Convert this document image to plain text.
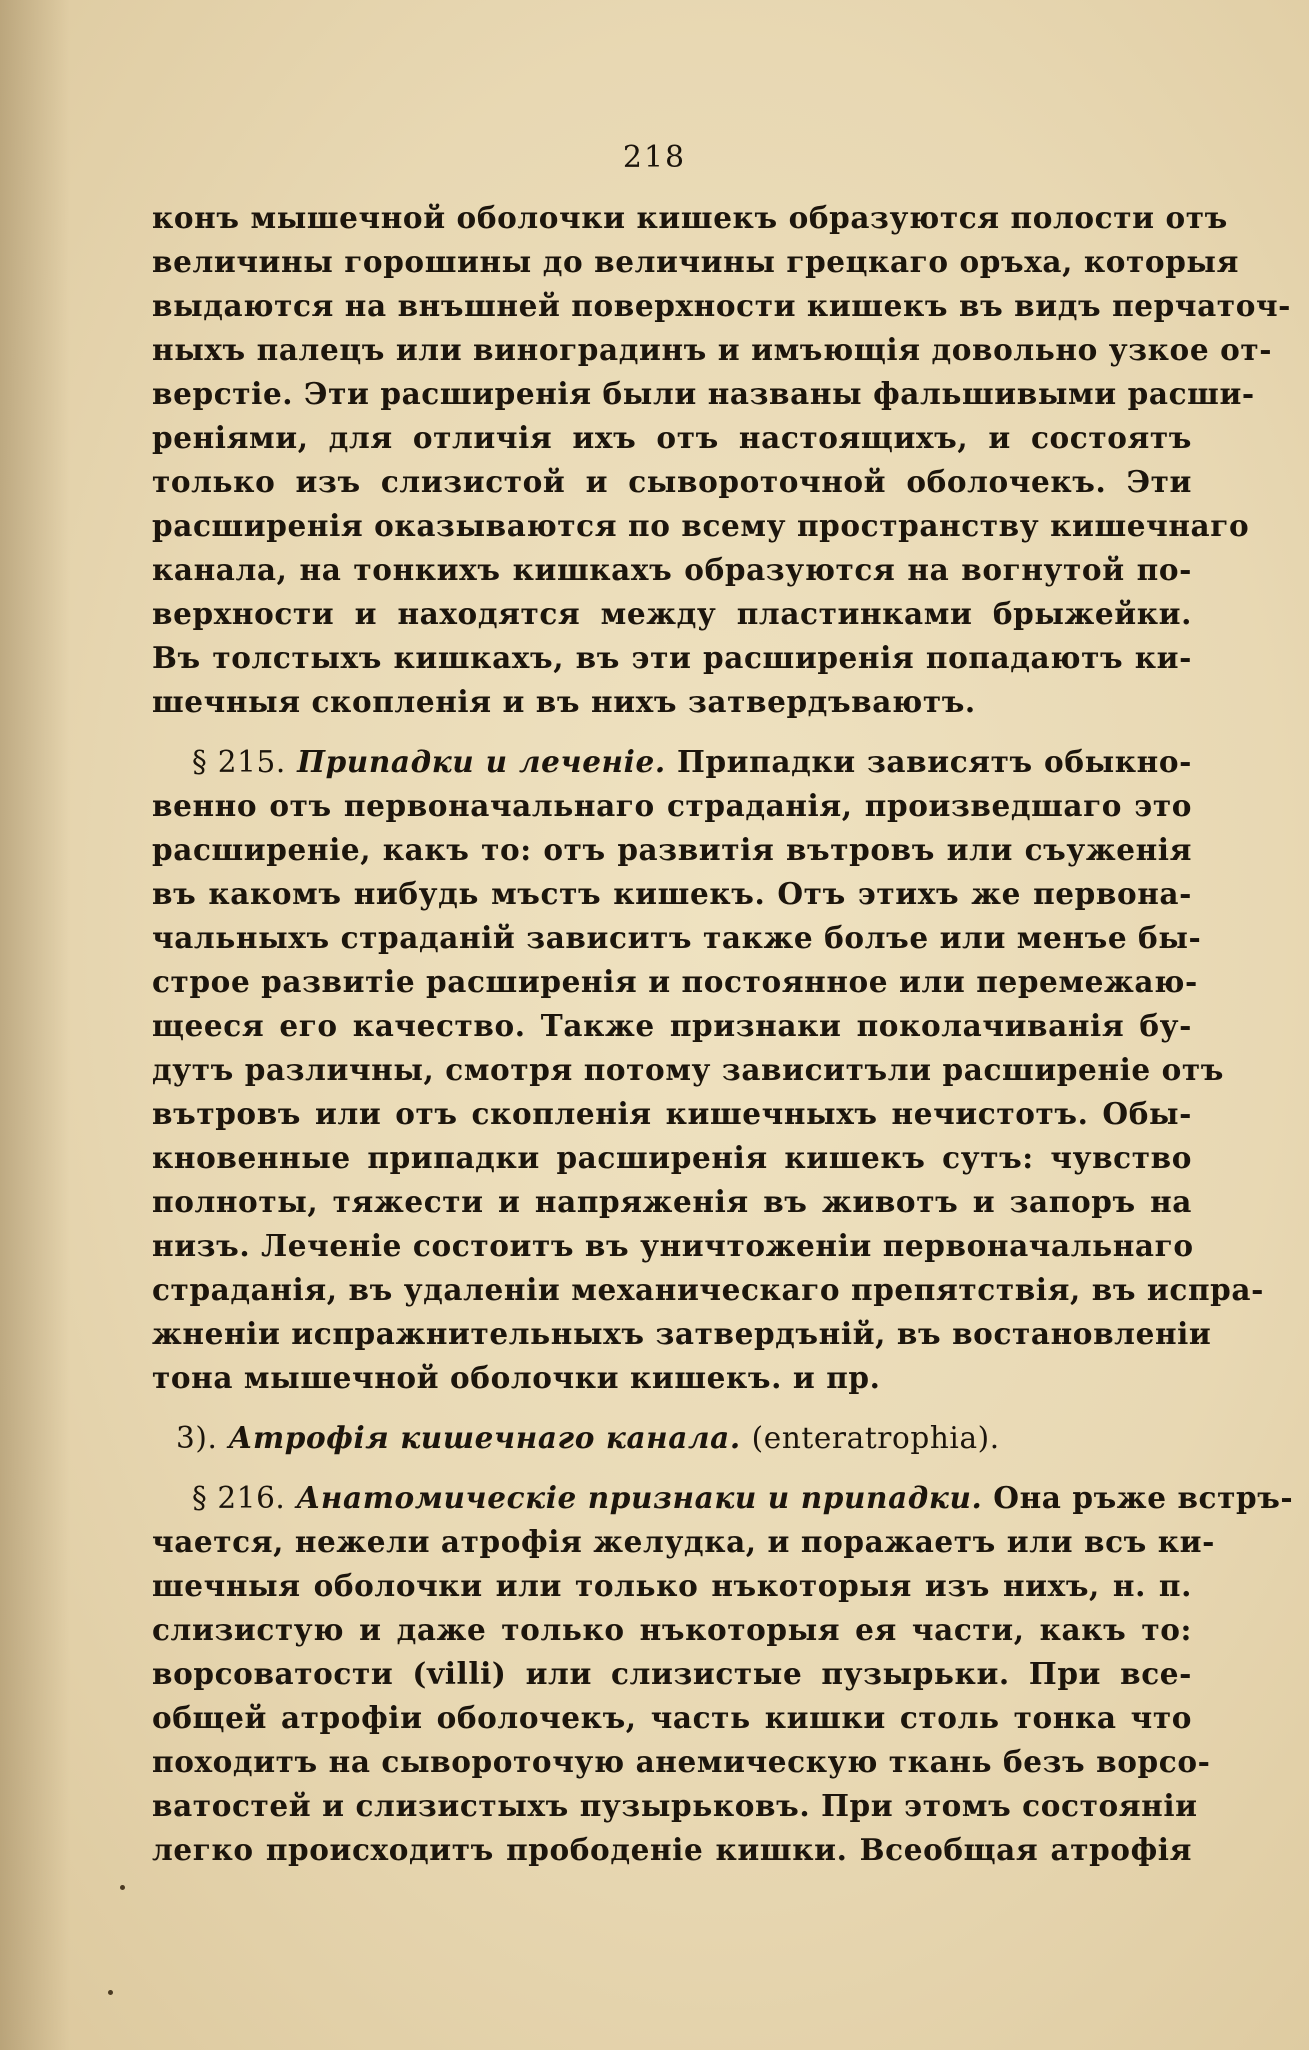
218
конъ мышечной оболочки кишекъ образуются полости отъ
величины горошины до величины грецкаго оръха, которыя
выдаются на внъшней поверхности кишекъ въ видъ перчаточ-
ныхъ палецъ или виноградинъ и имъющія довольно узкое от-
верстіе. Эти расширенія были названы фальшивыми расши-
реніями, для отличія ихъ отъ настоящихъ, и состоятъ
только изъ слизистой и сывороточной оболочекъ. Эти
расширенія оказываются по всему пространству кишечнаго
канала, на тонкихъ кишкахъ образуются на вогнутой по-
верхности и находятся между пластинками брыжейки.
Въ толстыхъ кишкахъ, въ эти расширенія попадаютъ ки-
шечныя скопленія и въ нихъ затвердъваютъ.
§ 215. Припадки и леченіе. Припадки зависятъ обыкно-
венно отъ первоначальнаго страданія, произведшаго это
расширеніе, какъ то: отъ развитія вътровъ или съуженія
въ какомъ нибудь мъстъ кишекъ. Отъ этихъ же первона-
чальныхъ страданій зависитъ также болъе или менъе бы-
строе развитіе расширенія и постоянное или перемежаю-
щееся его качество. Также признаки поколачиванія бу-
дутъ различны, смотря потому зависитъли расширеніе отъ
вътровъ или отъ скопленія кишечныхъ нечистотъ. Обы-
кновенные припадки расширенія кишекъ сутъ: чувство
полноты, тяжести и напряженія въ животъ и запоръ на
низъ. Леченіе состоитъ въ уничтоженіи первоначальнаго
страданія, въ удаленіи механическаго препятствія, въ испра-
жненіи испражнительныхъ затвердъній, въ востановленіи
тона мышечной оболочки кишекъ. и пр.
3). Атрофія кишечнаго канала. (enteratrophia).
§ 216. Анатомическіе признаки и припадки. Она ръже встръ-
чается, нежели атрофія желудка, и поражаетъ или всъ ки-
шечныя оболочки или только нъкоторыя изъ нихъ, н. п.
слизистую и даже только нъкоторыя ея части, какъ то:
ворсоватости (villi) или слизистые пузырьки. При все-
общей атрофіи оболочекъ, часть кишки столь тонка что
походитъ на сывороточую анемическую ткань безъ ворсо-
ватостей и слизистыхъ пузырьковъ. При этомъ состояніи
легко происходитъ прободеніе кишки. Всеобщая атрофія
